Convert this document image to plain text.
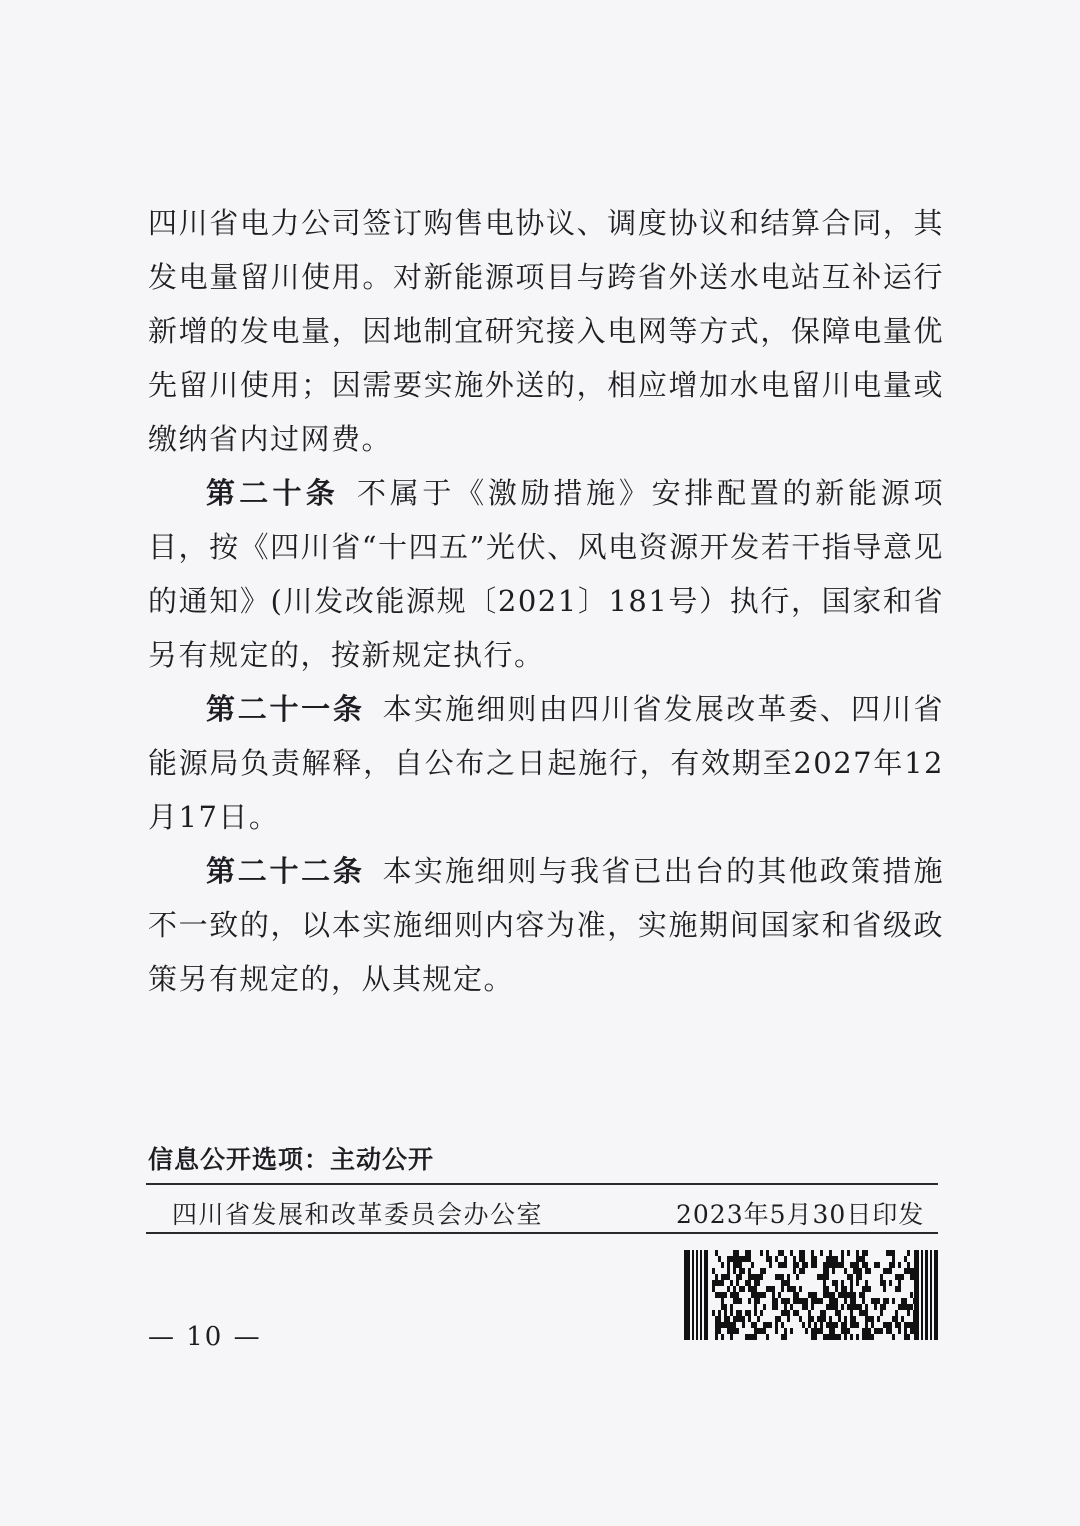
四川省电力公司签订购售电协议、调度协议和结算合同，其发电量留川使用。对新能源项目与跨省外送水电站互补运行新增的发电量，因地制宜研究接入电网等方式，保障电量优先留川使用；因需要实施外送的，相应增加水电留川电量或缴纳省内过网费。

第二十条 不属于《激励措施》安排配置的新能源项目，按《四川省“十四五”光伏、风电资源开发若干指导意见的通知》(川发改能源规〔2021〕181号）执行，国家和省另有规定的，按新规定执行。

第二十一条 本实施细则由四川省发展改革委、四川省能源局负责解释，自公布之日起施行，有效期至2027年12月17日。

第二十二条 本实施细则与我省已出台的其他政策措施不一致的，以本实施细则内容为准，实施期间国家和省级政策另有规定的，从其规定。

信息公开选项：主动公开
四川省发展和改革委员会办公室	2023年5月30日印发
— 10 —
